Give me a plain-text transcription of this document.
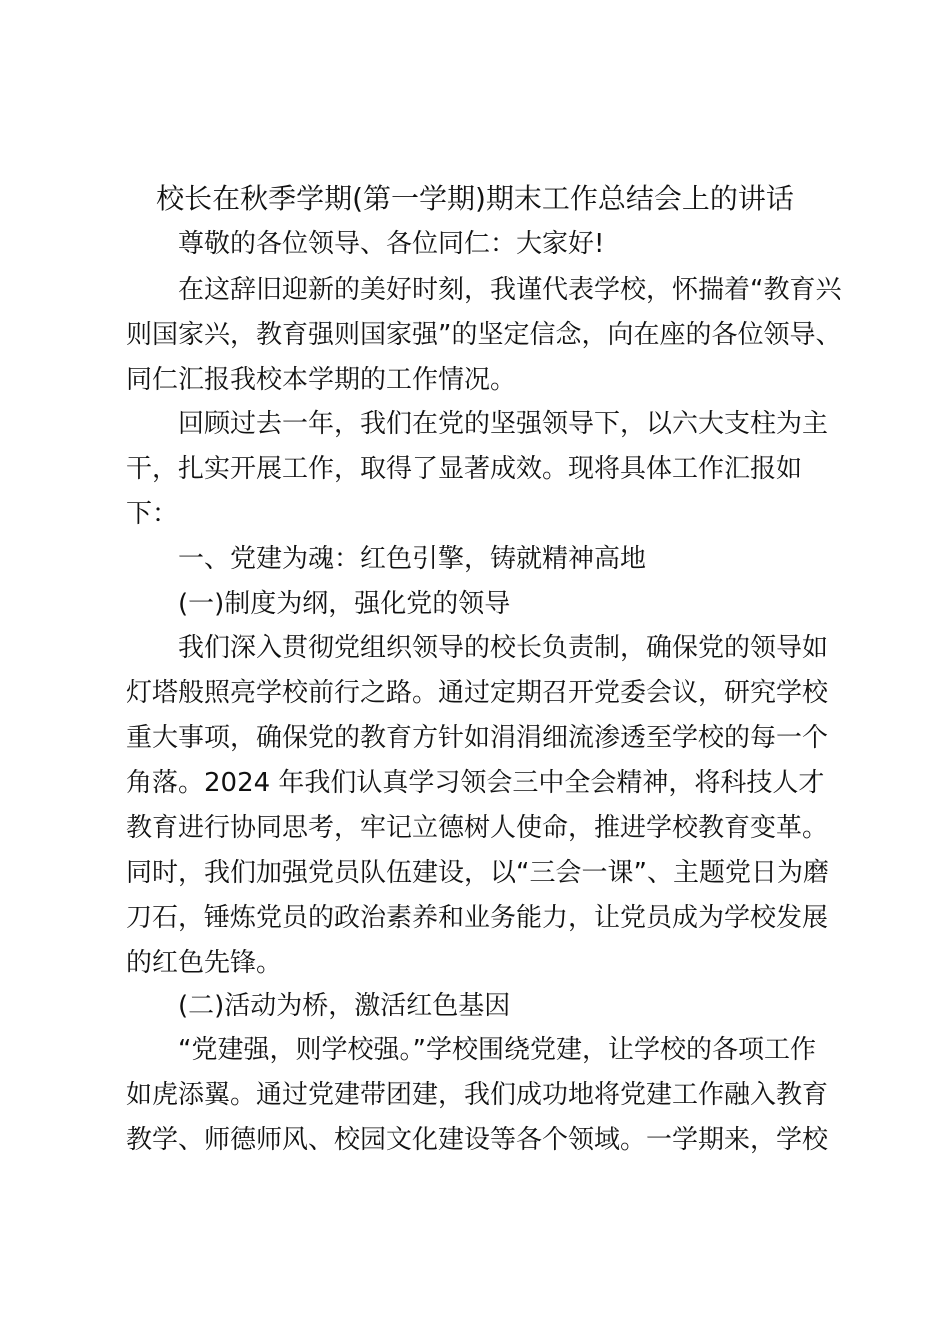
校长在秋季学期(第一学期)期末工作总结会上的讲话
尊敬的各位领导、各位同仁：大家好!
在这辞旧迎新的美好时刻，我谨代表学校，怀揣着“教育兴
则国家兴，教育强则国家强”的坚定信念，向在座的各位领导、
同仁汇报我校本学期的工作情况。
回顾过去一年，我们在党的坚强领导下，以六大支柱为主
干，扎实开展工作，取得了显著成效。现将具体工作汇报如
下：
一、党建为魂：红色引擎，铸就精神高地
(一)制度为纲，强化党的领导
我们深入贯彻党组织领导的校长负责制，确保党的领导如
灯塔般照亮学校前行之路。通过定期召开党委会议，研究学校
重大事项，确保党的教育方针如涓涓细流渗透至学校的每一个
角落。2024 年我们认真学习领会三中全会精神，将科技人才
教育进行协同思考，牢记立德树人使命，推进学校教育变革。
同时，我们加强党员队伍建设，以“三会一课”、主题党日为磨
刀石，锤炼党员的政治素养和业务能力，让党员成为学校发展
的红色先锋。
(二)活动为桥，激活红色基因
“党建强，则学校强。”学校围绕党建，让学校的各项工作
如虎添翼。通过党建带团建，我们成功地将党建工作融入教育
教学、师德师风、校园文化建设等各个领域。一学期来，学校
